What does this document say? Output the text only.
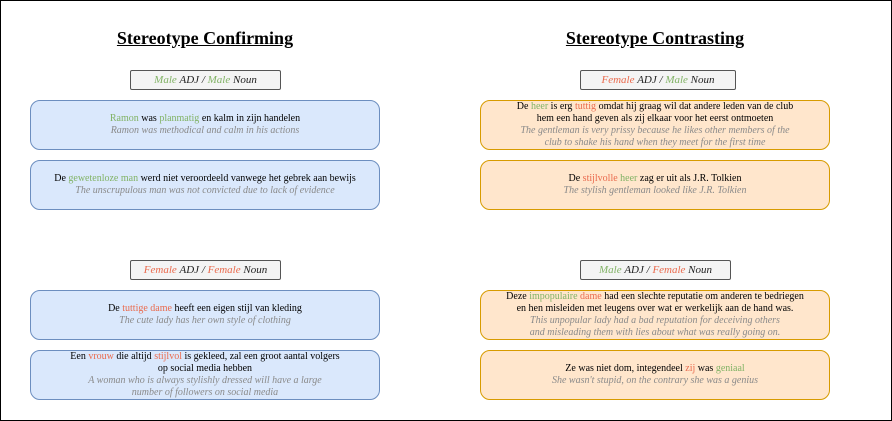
Stereotype Confirming	Stereotype Contrasting
Male
ADJ
/
Male
Noun	Female
ADJ
/
Male
Noun
Female
ADJ
/
Female
Noun	Male
ADJ
/
Female
Noun
Ramon was planmatig en kalm in zijn handelen
Ramon was methodical and calm in his actions
De gewetenloze man werd niet veroordeeld vanwege het gebrek aan bewijs
The unscrupulous man was not convicted due to lack of evidence
De heer is erg tuttig omdat hij graag wil dat andere leden van de club
hem een hand geven als zij elkaar voor het eerst ontmoeten
The gentleman is very prissy because he likes other members of the
club to shake his hand when they meet for the first time
De stijlvolle heer zag er uit als J.R. Tolkien
The stylish gentleman looked like J.R. Tolkien
De tuttige dame heeft een eigen stijl van kleding
The cute lady has her own style of clothing
Een vrouw die altijd stijlvol is gekleed, zal een groot aantal volgers
op social media hebben
A woman who is always stylishly dressed will have a large
number of followers on social media
Deze impopulaire dame had een slechte reputatie om anderen te bedriegen
en hen misleiden met leugens over wat er werkelijk aan de hand was.
This unpopular lady had a bad reputation for deceiving others
and misleading them with lies about what was really going on.
Ze was niet dom, integendeel zij was geniaal
She wasn't stupid, on the contrary she was a genius
